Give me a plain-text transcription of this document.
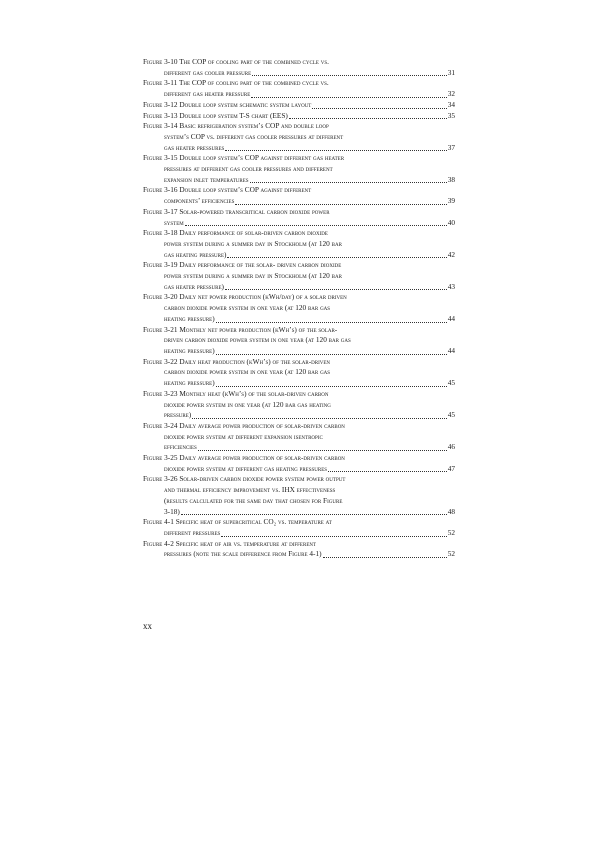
Figure 3-10 The COP of cooling part of the combined cycle vs.
different gas cooler pressure	31
Figure 3-11 The COP of cooling part of the combined cycle vs.
different gas heater pressure	32
Figure 3-12 Double loop system schematic system layout	34
Figure 3-13 Double loop system T-S chart (EES)	35
Figure 3-14 Basic refrigeration system’s COP and double loop
system’s COP vs. different gas cooler pressures at different
gas heater pressures	37
Figure 3-15 Double loop system’s COP against different gas heater
pressures at different gas cooler pressures and different
expansion inlet temperatures	38
Figure 3-16 Double loop system’s COP against different
components’ efficiencies	39
Figure 3-17 Solar-powered transcritical carbon dioxide power
system	40
Figure 3-18 Daily performance of solar-driven carbon dioxide
power system during a summer day in Stockholm (at 120 bar
gas heating pressure)	42
Figure 3-19 Daily performance of the solar- driven carbon dioxide
power system during a summer day in Stockholm (at 120 bar
gas heater pressure)	43
Figure 3-20 Daily net power production (kWh/day) of a solar driven
carbon dioxide power system in one year (at 120 bar gas
heating pressure)	44
Figure 3-21 Monthly net power production (kWh’s) of the solar-
driven carbon dioxide power system in one year (at 120 bar gas
heating pressure)	44
Figure 3-22 Daily heat production (kWh’s) of the solar-driven
carbon dioxide power system in one year (at 120 bar gas
heating pressure)	45
Figure 3-23 Monthly heat (kWh’s) of the solar-driven carbon
dioxide power system in one year (at 120 bar gas heating
pressure)	45
Figure 3-24 Daily average power production of solar-driven carbon
dioxide power system at different expansion isentropic
efficiencies	46
Figure 3-25 Daily average power production of solar-driven carbon
dioxide power system at different gas heating pressures	47
Figure 3-26 Solar-driven carbon dioxide power system power output
and thermal efficiency improvement vs. IHX effectiveness
(results calculated for the same day that chosen for Figure
3-18)	48
Figure 4-1 Specific heat of supercritical CO₂ vs. temperature at
different pressures	52
Figure 4-2 Specific heat of air vs. temperature at different
pressures (note the scale difference from Figure 4-1)	52
xx
